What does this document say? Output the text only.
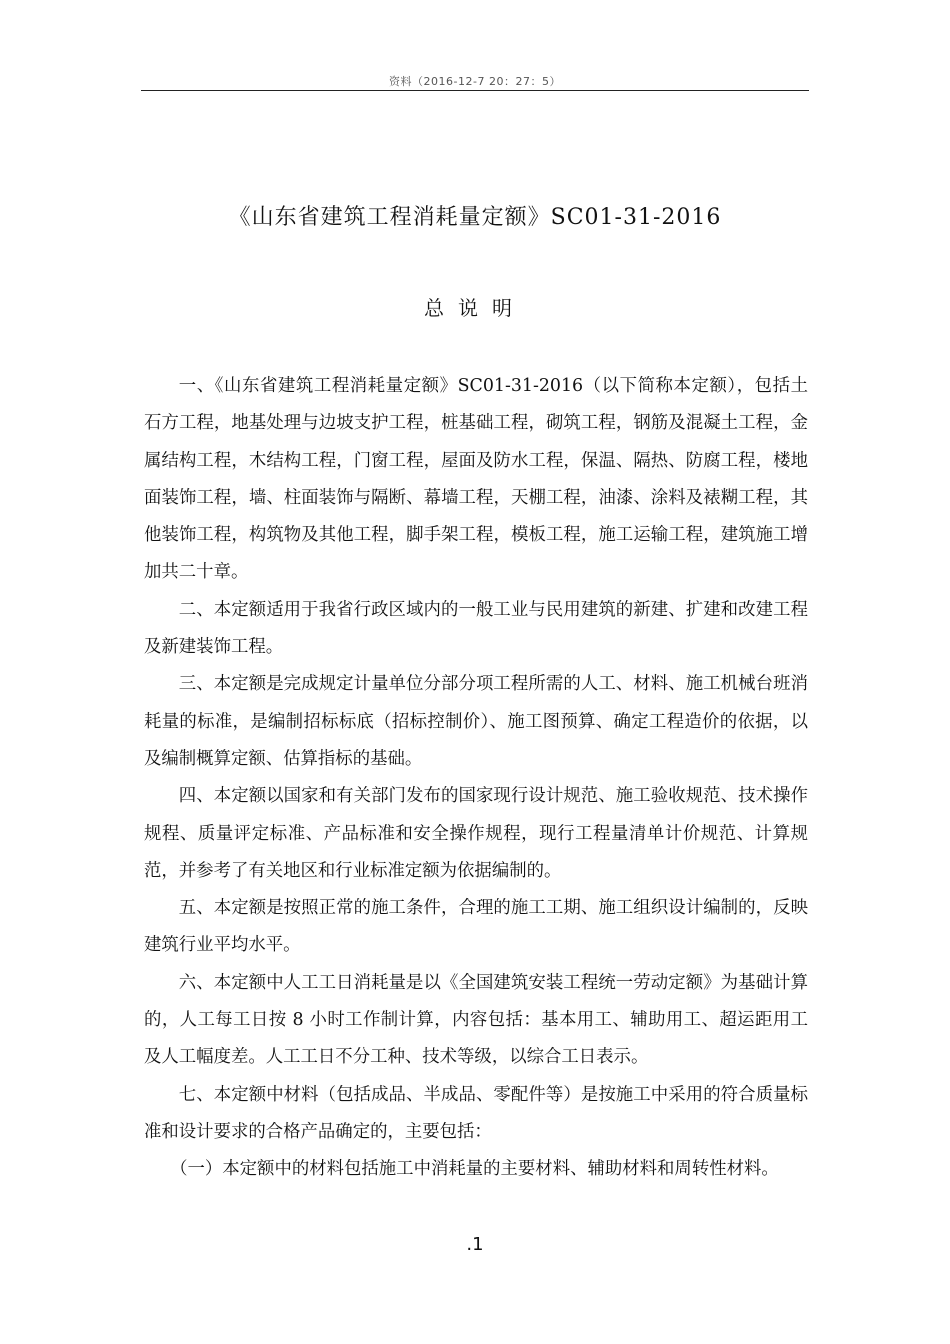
资料（2016-12-7 20：27：5）
《山东省建筑工程消耗量定额》SC01-31-2016
总说明

一、《山东省建筑工程消耗量定额》SC01-31-2016（以下简称本定额），包括土石方工程，地基处理与边坡支护工程，桩基础工程，砌筑工程，钢筋及混凝土工程，金属结构工程，木结构工程，门窗工程，屋面及防水工程，保温、隔热、防腐工程，楼地面装饰工程，墙、柱面装饰与隔断、幕墙工程，天棚工程，油漆、涂料及裱糊工程，其他装饰工程，构筑物及其他工程，脚手架工程，模板工程，施工运输工程，建筑施工增加共二十章。

二、本定额适用于我省行政区域内的一般工业与民用建筑的新建、扩建和改建工程及新建装饰工程。

三、本定额是完成规定计量单位分部分项工程所需的人工、材料、施工机械台班消耗量的标准，是编制招标标底（招标控制价）、施工图预算、确定工程造价的依据，以及编制概算定额、估算指标的基础。

四、本定额以国家和有关部门发布的国家现行设计规范、施工验收规范、技术操作规程、质量评定标准、产品标准和安全操作规程，现行工程量清单计价规范、计算规范，并参考了有关地区和行业标准定额为依据编制的。

五、本定额是按照正常的施工条件，合理的施工工期、施工组织设计编制的，反映建筑行业平均水平。

六、本定额中人工工日消耗量是以《全国建筑安装工程统一劳动定额》为基础计算的，人工每工日按 8 小时工作制计算，内容包括：基本用工、辅助用工、超运距用工及人工幅度差。人工工日不分工种、技术等级，以综合工日表示。

七、本定额中材料（包括成品、半成品、零配件等）是按施工中采用的符合质量标准和设计要求的合格产品确定的，主要包括：

（一）本定额中的材料包括施工中消耗量的主要材料、辅助材料和周转性材料。

.1
